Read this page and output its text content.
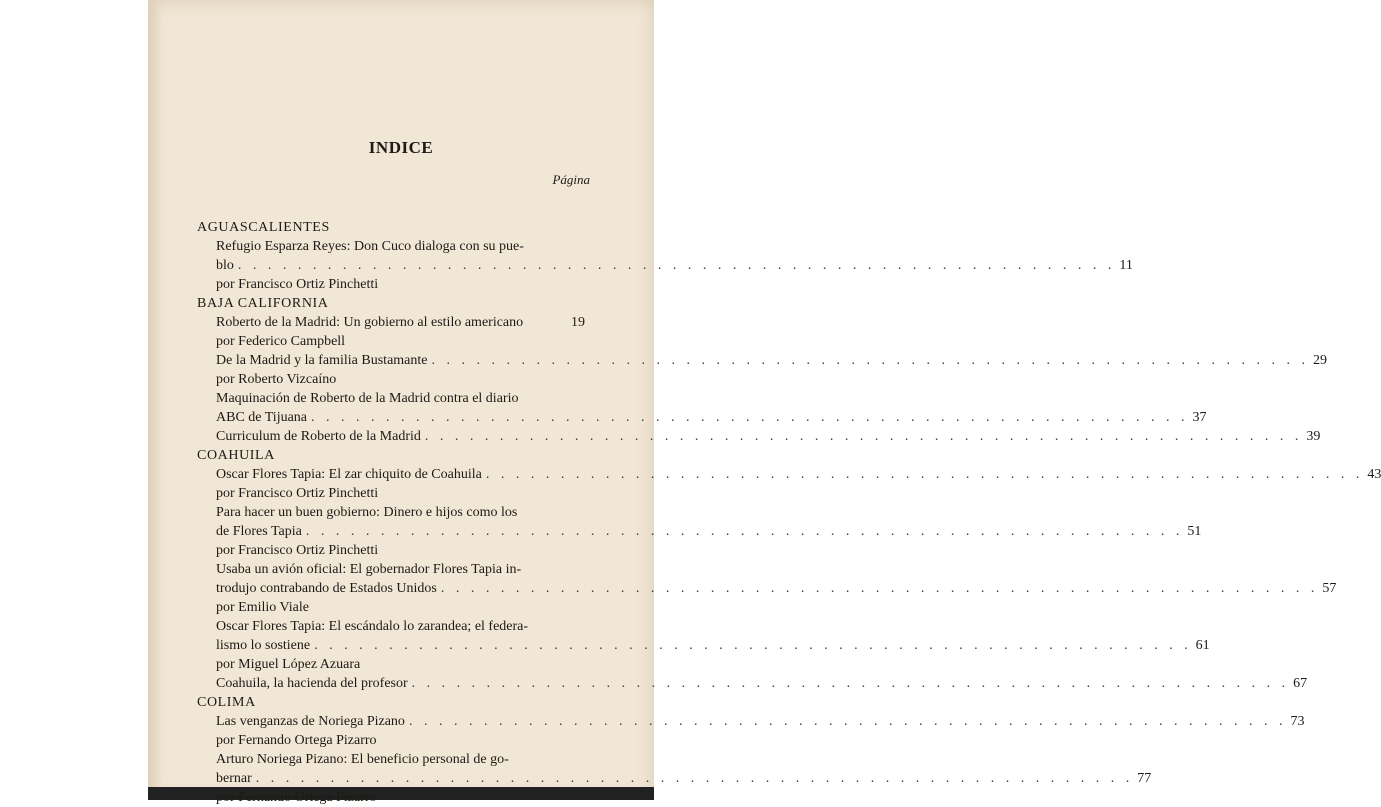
INDICE
Página
AGUASCALIENTES
Refugio Esparza Reyes: Don Cuco dialoga con su pue-
blo . . . . . . . . . . . . . . . . . . . . . . . . . . . . . . . . . . . . . . . . . . . . . . . . . . . . . . . . . . . 11
por Francisco Ortiz Pinchetti
BAJA CALIFORNIA
Roberto de la Madrid: Un gobierno al estilo americano	19
por Federico Campbell
De la Madrid y la familia Bustamante . . . . . . . . . . . . . . . . . . . . . . . . . . . . . . . . . . . . . . . . . . . . . . . . . . . . . . . . . . . 29
por Roberto Vizcaíno
Maquinación de Roberto de la Madrid contra el diario
ABC de Tijuana . . . . . . . . . . . . . . . . . . . . . . . . . . . . . . . . . . . . . . . . . . . . . . . . . . . . . . . . . . . 37
Curriculum de Roberto de la Madrid . . . . . . . . . . . . . . . . . . . . . . . . . . . . . . . . . . . . . . . . . . . . . . . . . . . . . . . . . . . 39
COAHUILA
Oscar Flores Tapia: El zar chiquito de Coahuila . . . . . . . . . . . . . . . . . . . . . . . . . . . . . . . . . . . . . . . . . . . . . . . . . . . . . . . . . . . 43
por Francisco Ortiz Pinchetti
Para hacer un buen gobierno: Dinero e hijos como los
de Flores Tapia . . . . . . . . . . . . . . . . . . . . . . . . . . . . . . . . . . . . . . . . . . . . . . . . . . . . . . . . . . . 51
por Francisco Ortiz Pinchetti
Usaba un avión oficial: El gobernador Flores Tapia in-
trodujo contrabando de Estados Unidos . . . . . . . . . . . . . . . . . . . . . . . . . . . . . . . . . . . . . . . . . . . . . . . . . . . . . . . . . . . 57
por Emilio Viale
Oscar Flores Tapia: El escándalo lo zarandea; el federa-
lismo lo sostiene . . . . . . . . . . . . . . . . . . . . . . . . . . . . . . . . . . . . . . . . . . . . . . . . . . . . . . . . . . . 61
por Miguel López Azuara
Coahuila, la hacienda del profesor . . . . . . . . . . . . . . . . . . . . . . . . . . . . . . . . . . . . . . . . . . . . . . . . . . . . . . . . . . . 67
COLIMA
Las venganzas de Noriega Pizano . . . . . . . . . . . . . . . . . . . . . . . . . . . . . . . . . . . . . . . . . . . . . . . . . . . . . . . . . . . 73
por Fernando Ortega Pizarro
Arturo Noriega Pizano: El beneficio personal de go-
bernar . . . . . . . . . . . . . . . . . . . . . . . . . . . . . . . . . . . . . . . . . . . . . . . . . . . . . . . . . . . 77
por Fernando Ortega Pizarro
